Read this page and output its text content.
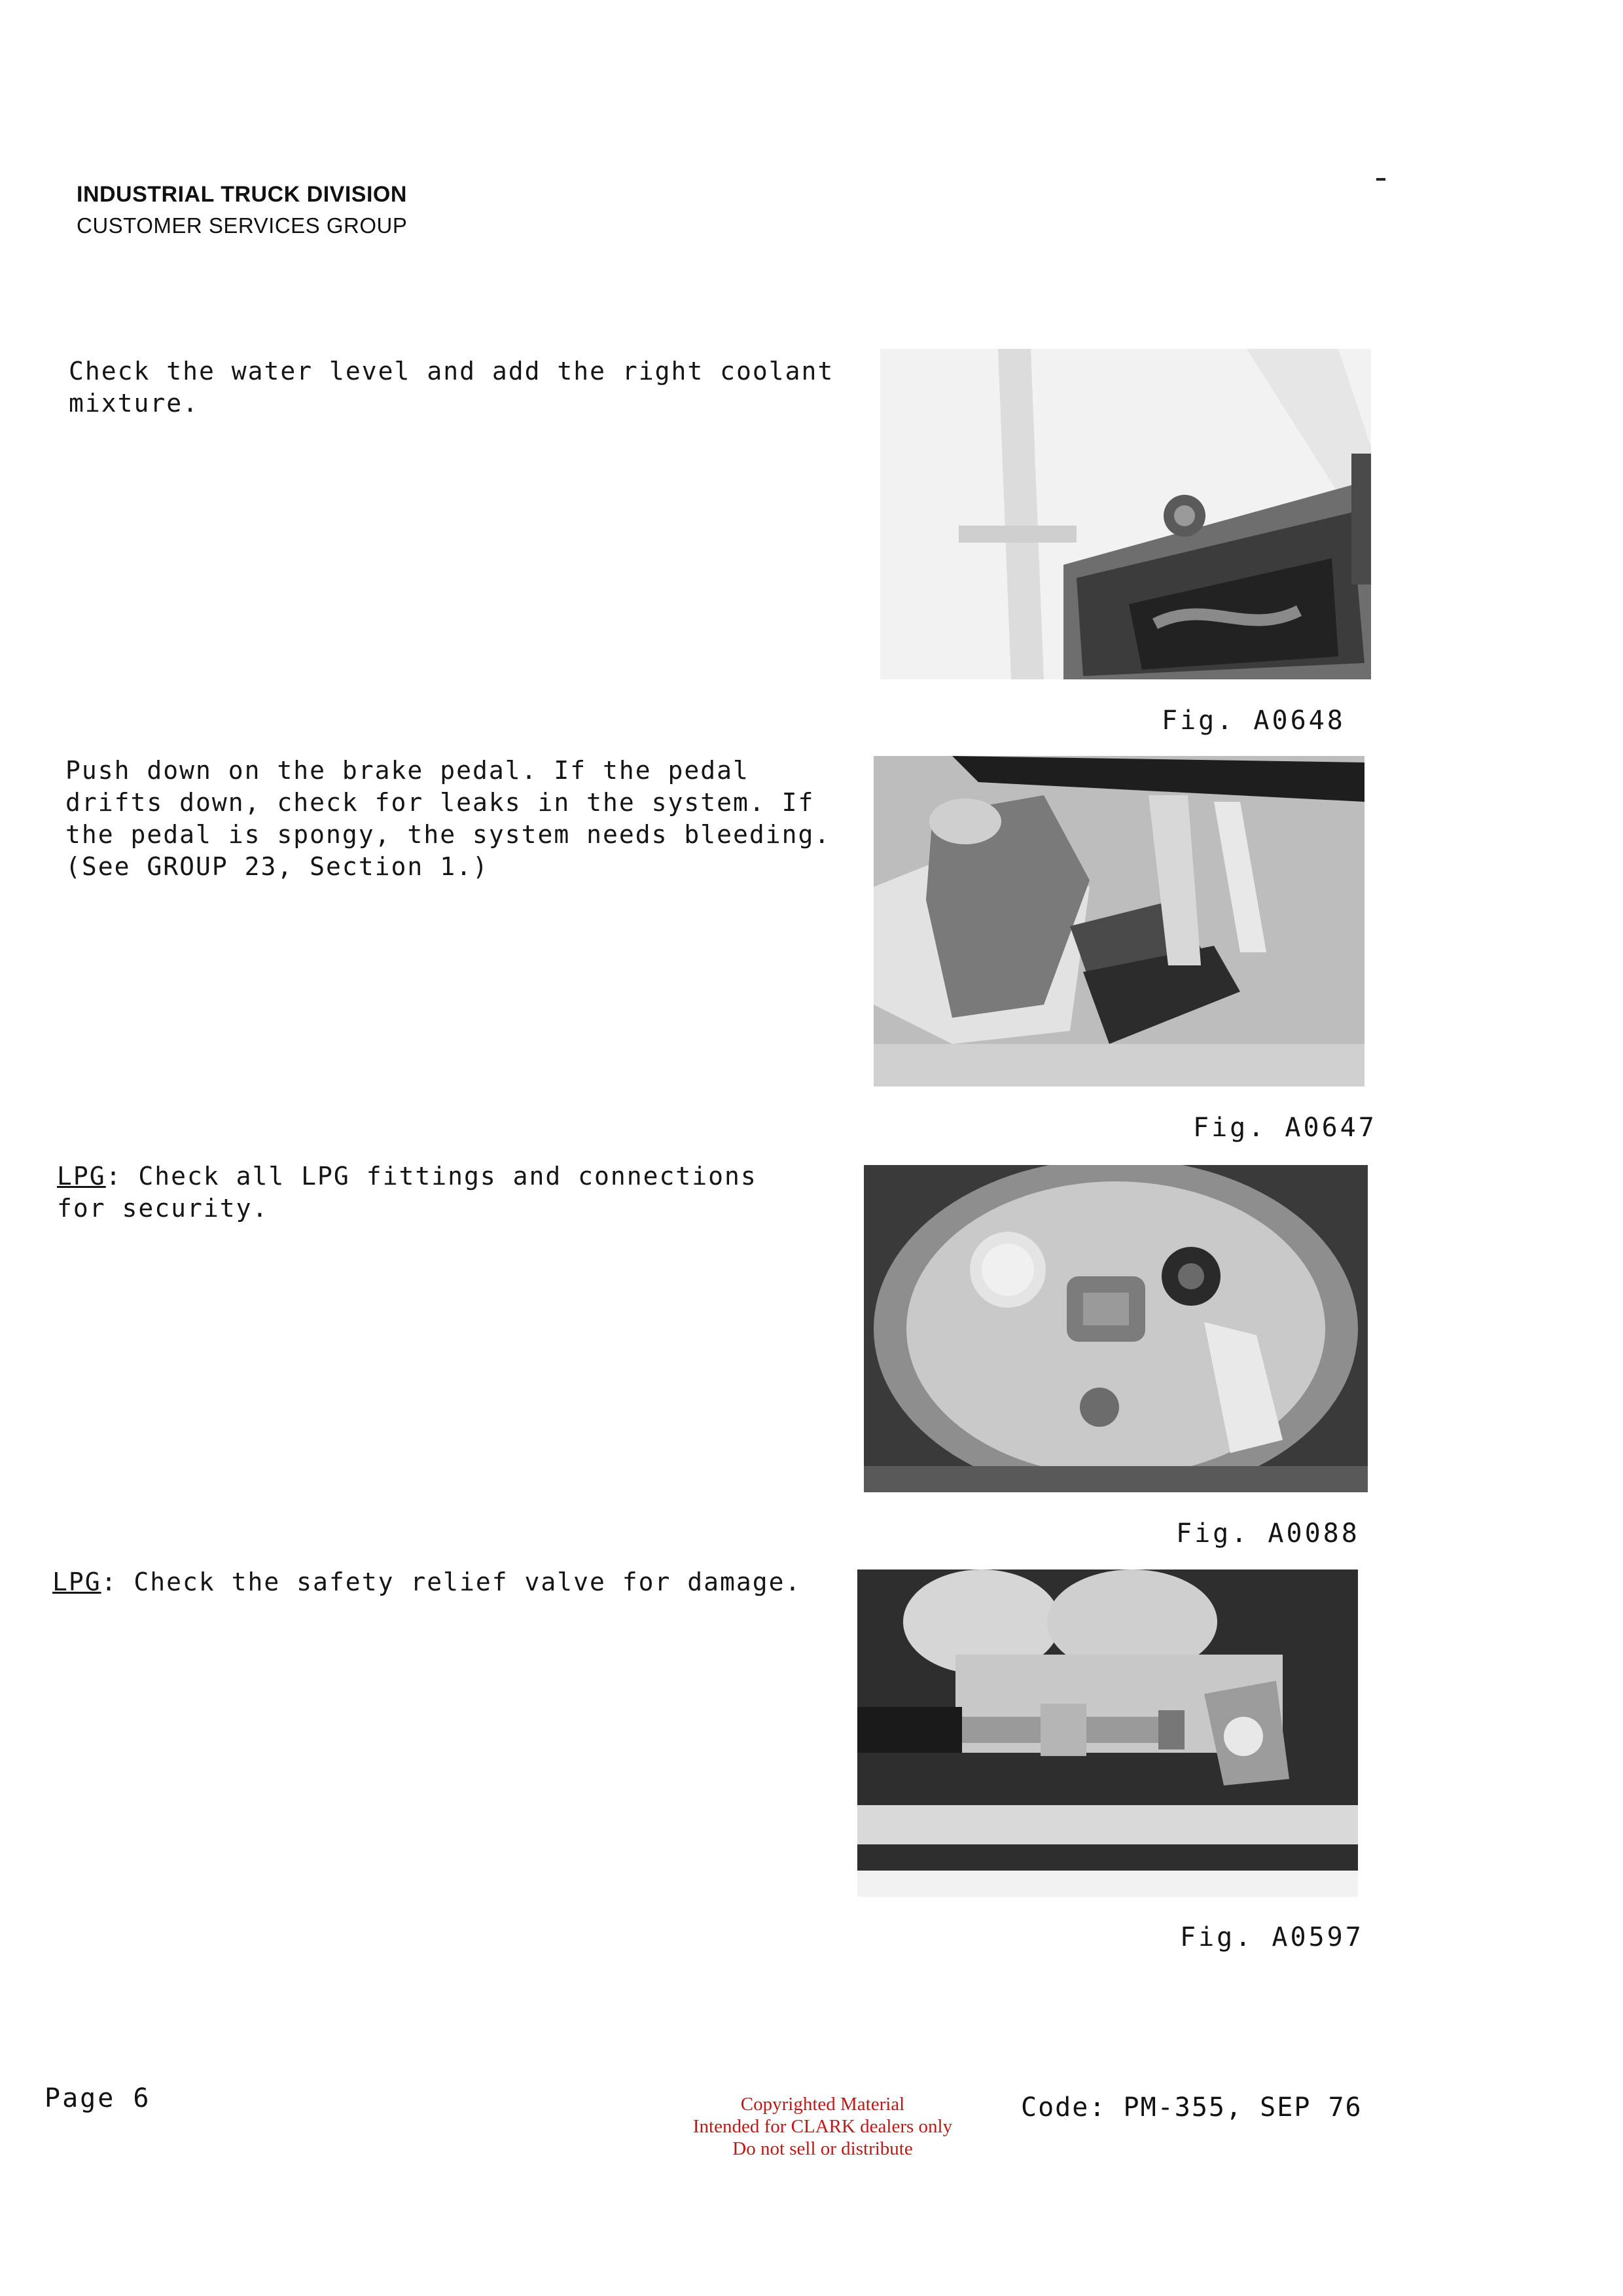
INDUSTRIAL TRUCK DIVISION
CUSTOMER SERVICES GROUP
Check the water level and add the right coolant
mixture.
Fig. A0648
Push down on the brake pedal. If the pedal
drifts down, check for leaks in the system. If
the pedal is spongy, the system needs bleeding.
(See GROUP 23, Section 1.)
Fig. A0647
LPG: Check all LPG fittings and connections
for security.
Fig. A0088
LPG: Check the safety relief valve for damage.
Fig. A0597
Page 6	Copyrighted Material
Intended for CLARK dealers only
Do not sell or distribute
Code: PM-355, SEP 76
